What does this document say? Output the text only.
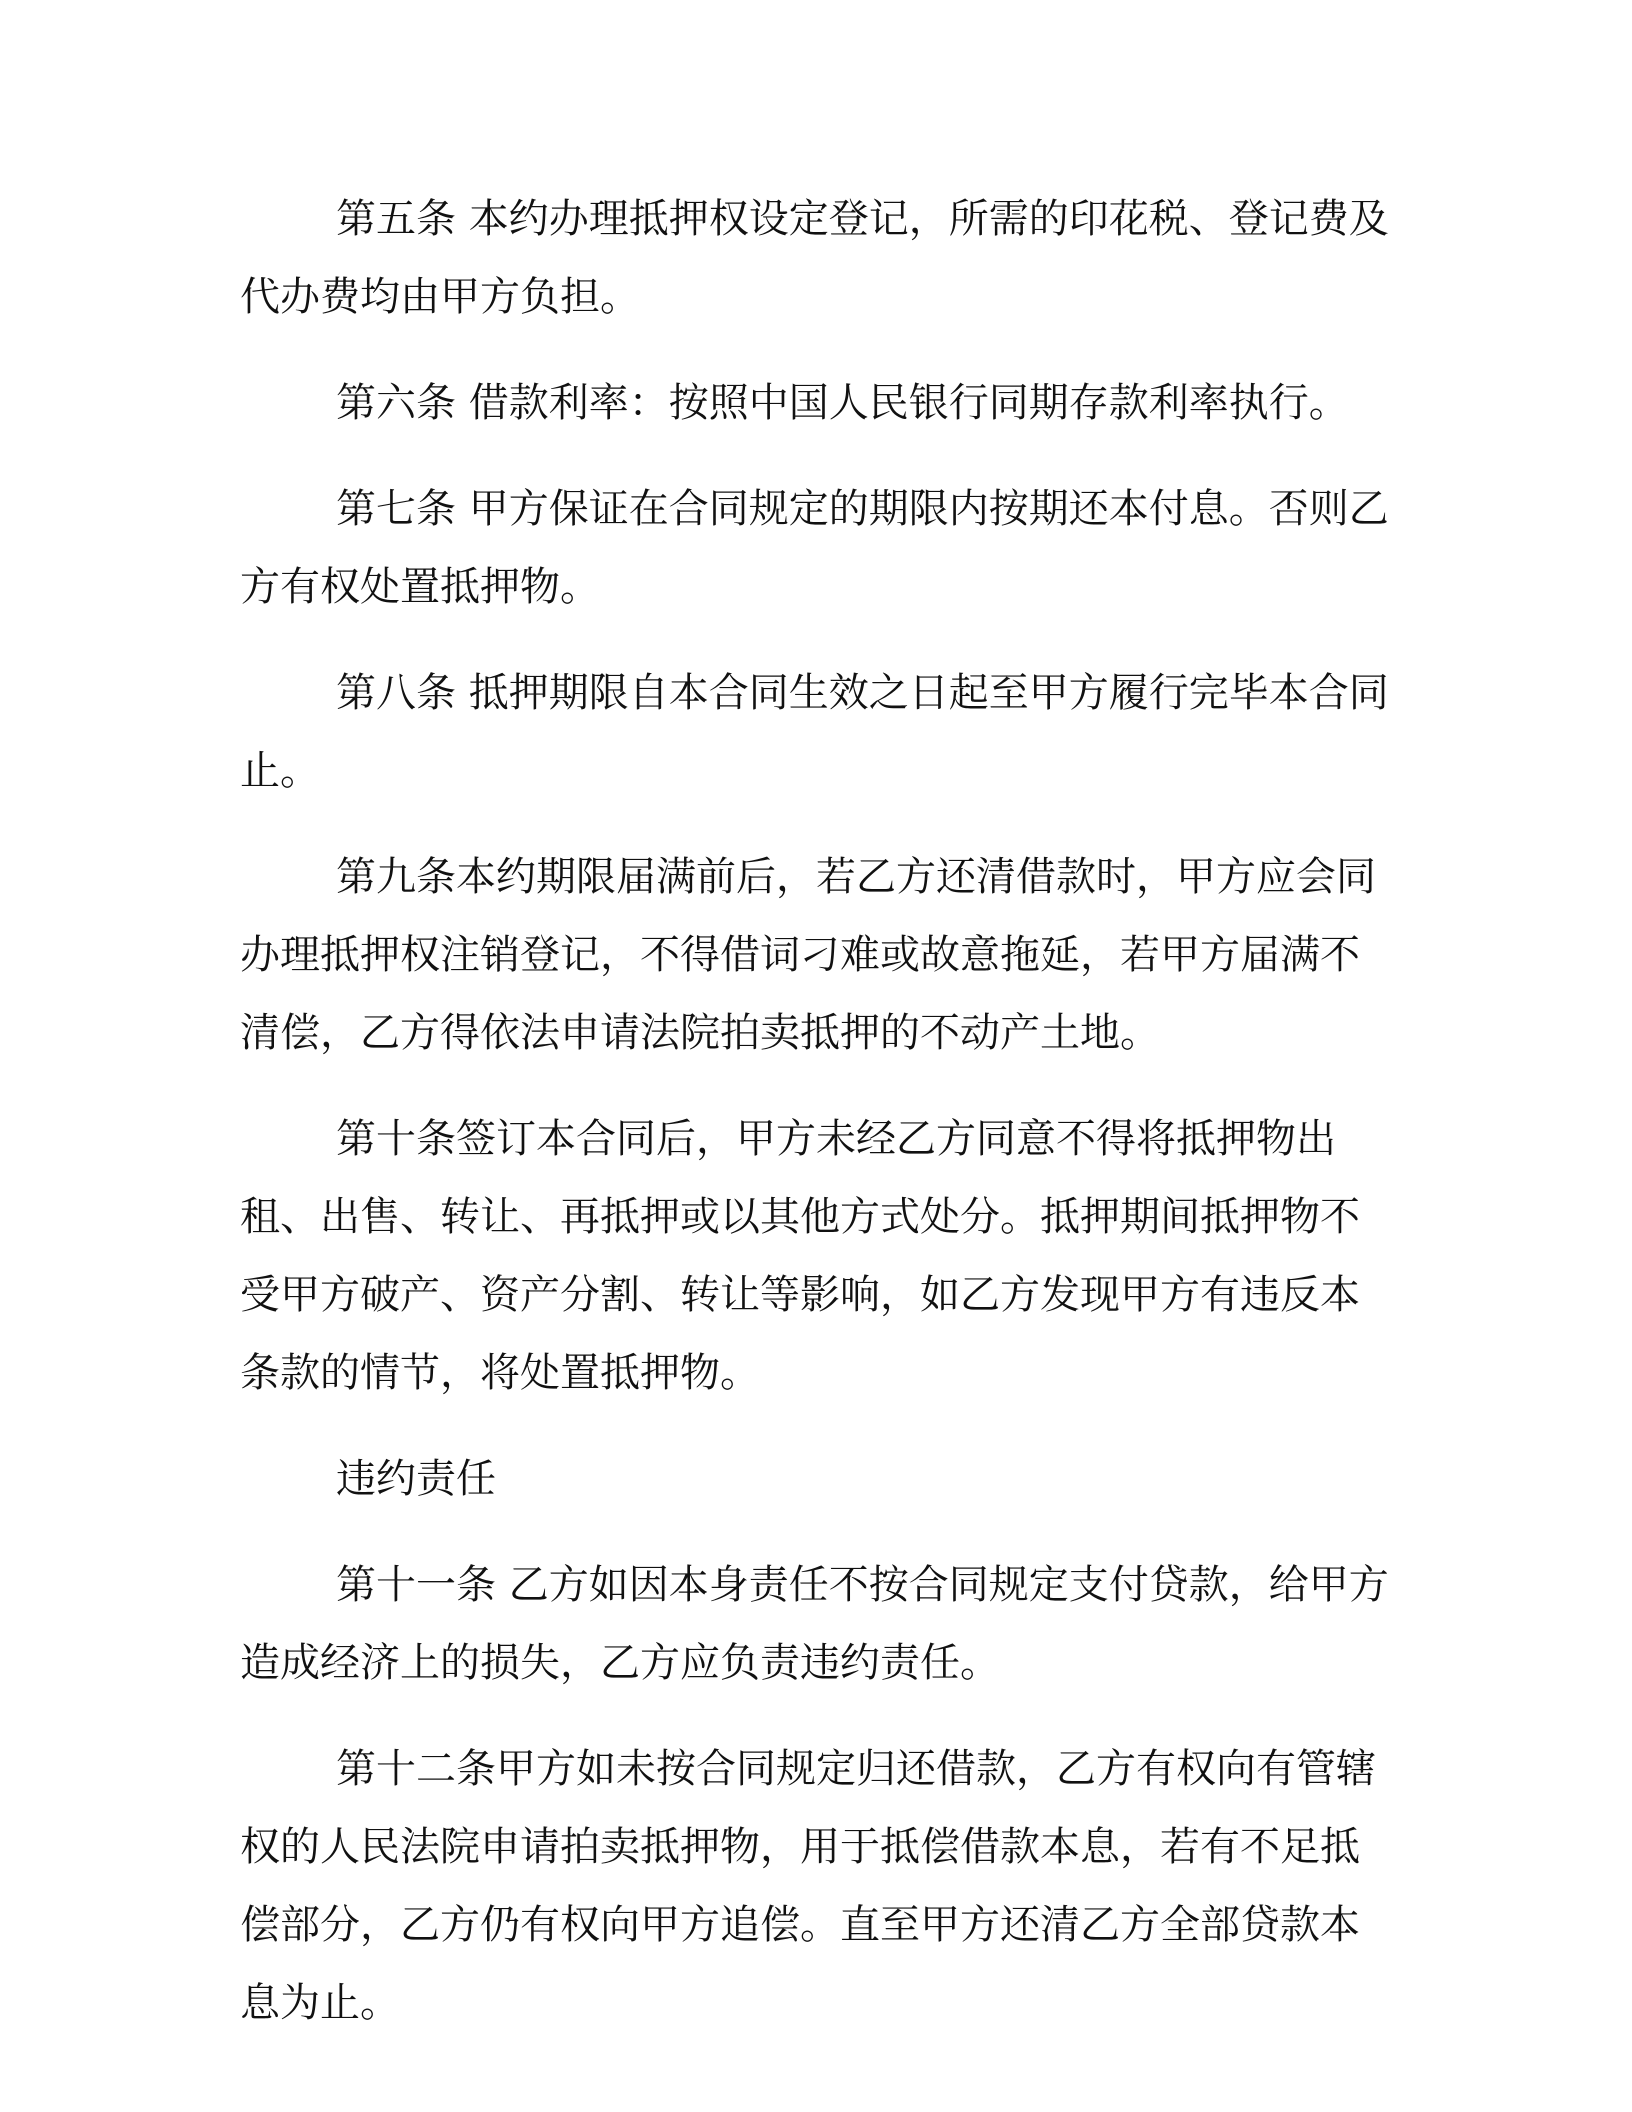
第五条 本约办理抵押权设定登记，所需的印花税、登记费及代办费均由甲方负担。

第六条 借款利率：按照中国人民银行同期存款利率执行。

第七条 甲方保证在合同规定的期限内按期还本付息。否则乙方有权处置抵押物。

第八条 抵押期限自本合同生效之日起至甲方履行完毕本合同止。

第九条本约期限届满前后，若乙方还清借款时，甲方应会同办理抵押权注销登记，不得借词刁难或故意拖延，若甲方届满不清偿，乙方得依法申请法院拍卖抵押的不动产土地。

第十条签订本合同后，甲方未经乙方同意不得将抵押物出租、出售、转让、再抵押或以其他方式处分。抵押期间抵押物不受甲方破产、资产分割、转让等影响，如乙方发现甲方有违反本条款的情节，将处置抵押物。

违约责任

第十一条 乙方如因本身责任不按合同规定支付贷款，给甲方造成经济上的损失，乙方应负责违约责任。

第十二条甲方如未按合同规定归还借款，乙方有权向有管辖权的人民法院申请拍卖抵押物，用于抵偿借款本息，若有不足抵偿部分，乙方仍有权向甲方追偿。直至甲方还清乙方全部贷款本息为止。
